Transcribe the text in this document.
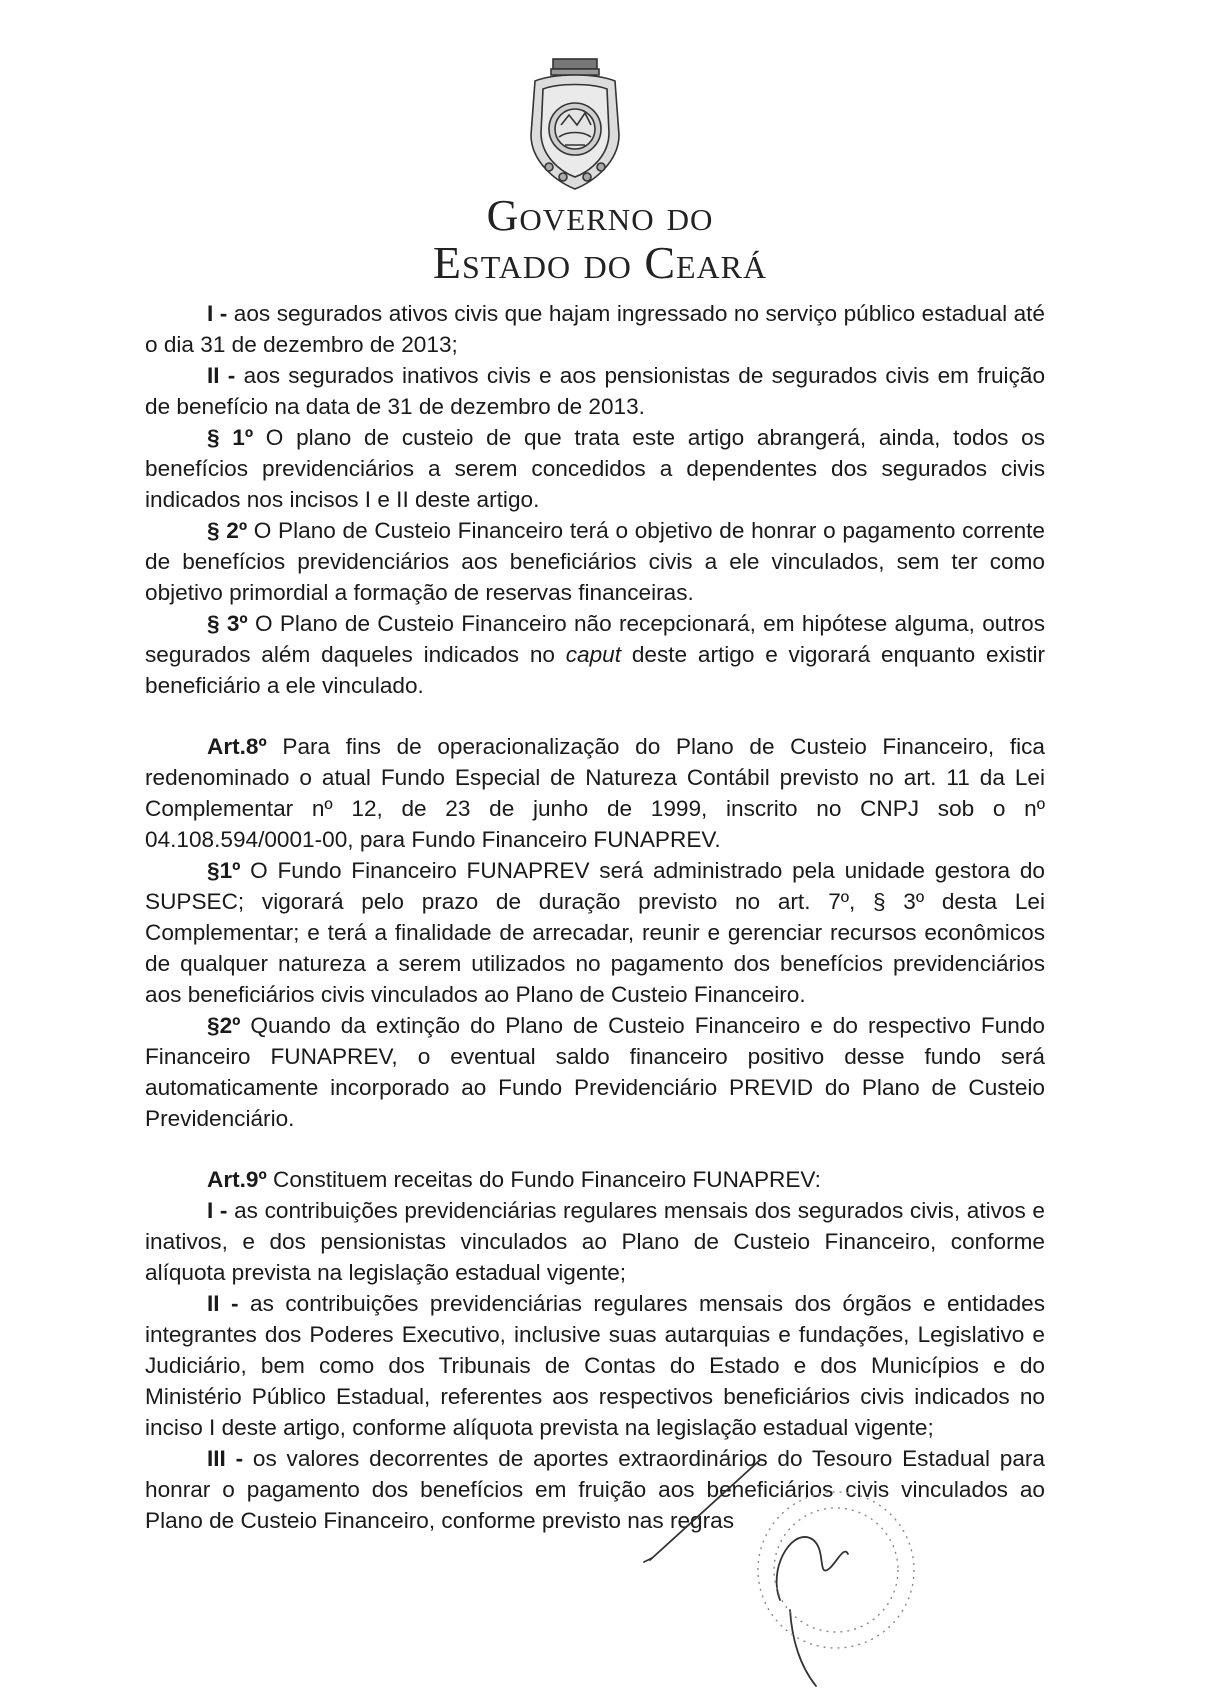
Governo do
Estado do Ceará

I - aos segurados ativos civis que hajam ingressado no serviço público estadual até o dia 31 de dezembro de 2013;

II - aos segurados inativos civis e aos pensionistas de segurados civis em fruição de benefício na data de 31 de dezembro de 2013.

§ 1º O plano de custeio de que trata este artigo abrangerá, ainda, todos os benefícios previdenciários a serem concedidos a dependentes dos segurados civis indicados nos incisos I e II deste artigo.

§ 2º O Plano de Custeio Financeiro terá o objetivo de honrar o pagamento corrente de benefícios previdenciários aos beneficiários civis a ele vinculados, sem ter como objetivo primordial a formação de reservas financeiras.

§ 3º O Plano de Custeio Financeiro não recepcionará, em hipótese alguma, outros segurados além daqueles indicados no caput deste artigo e vigorará enquanto existir beneficiário a ele vinculado.

Art.8º Para fins de operacionalização do Plano de Custeio Financeiro, fica redenominado o atual Fundo Especial de Natureza Contábil previsto no art. 11 da Lei Complementar nº 12, de 23 de junho de 1999, inscrito no CNPJ sob o nº 04.108.594/0001-00, para Fundo Financeiro FUNAPREV.

§1º O Fundo Financeiro FUNAPREV será administrado pela unidade gestora do SUPSEC; vigorará pelo prazo de duração previsto no art. 7º, § 3º desta Lei Complementar; e terá a finalidade de arrecadar, reunir e gerenciar recursos econômicos de qualquer natureza a serem utilizados no pagamento dos benefícios previdenciários aos beneficiários civis vinculados ao Plano de Custeio Financeiro.

§2º Quando da extinção do Plano de Custeio Financeiro e do respectivo Fundo Financeiro FUNAPREV, o eventual saldo financeiro positivo desse fundo será automaticamente incorporado ao Fundo Previdenciário PREVID do Plano de Custeio Previdenciário.

Art.9º Constituem receitas do Fundo Financeiro FUNAPREV:

I - as contribuições previdenciárias regulares mensais dos segurados civis, ativos e inativos, e dos pensionistas vinculados ao Plano de Custeio Financeiro, conforme alíquota prevista na legislação estadual vigente;

II - as contribuições previdenciárias regulares mensais dos órgãos e entidades integrantes dos Poderes Executivo, inclusive suas autarquias e fundações, Legislativo e Judiciário, bem como dos Tribunais de Contas do Estado e dos Municípios e do Ministério Público Estadual, referentes aos respectivos beneficiários civis indicados no inciso I deste artigo, conforme alíquota prevista na legislação estadual vigente;

III - os valores decorrentes de aportes extraordinários do Tesouro Estadual para honrar o pagamento dos benefícios em fruição aos beneficiários civis vinculados ao Plano de Custeio Financeiro, conforme previsto nas regras
